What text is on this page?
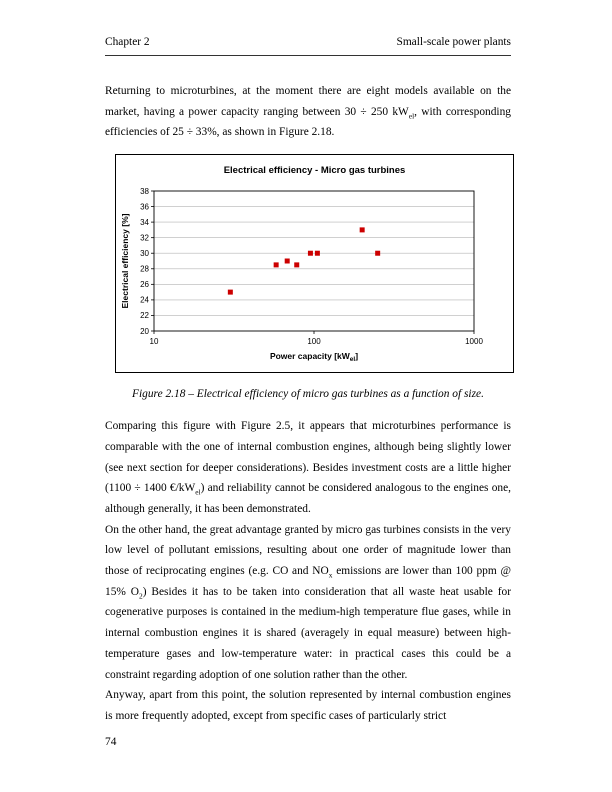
Chapter 2	Small-scale power plants

Returning to microturbines, at the moment there are eight models available on the market, having a power capacity ranging between 30 ÷ 250 $kW_{el}$, with corresponding efficiencies of 25 ÷ 33%, as shown in Figure 2.18.

Electrical efficiency - Micro gas turbines
20
22
24
26
28
30
32
34
36
38
10	100	1000
Electrical efficiency [%]
Power capacity $[kW_{el}]$

Figure 2.18 – Electrical efficiency of micro gas turbines as a function of size.

Comparing this figure with Figure 2.5, it appears that microturbines performance is comparable with the one of internal combustion engines, although being slightly lower (see next section for deeper considerations). Besides investment costs are a little higher (1100 ÷ 1400 $€/kW_{el}$) and reliability cannot be considered analogous to the engines one, although generally, it has been demonstrated.

On the other hand, the great advantage granted by micro gas turbines consists in the very low level of pollutant emissions, resulting about one order of magnitude lower than those of reciprocating engines (e.g. CO and $NO_x$ emissions are lower than 100 ppm @ 15% $O_2$) Besides it has to be taken into consideration that all waste heat usable for cogenerative purposes is contained in the medium-high temperature flue gases, while in internal combustion engines it is shared (averagely in equal measure) between high-temperature gases and low-temperature water: in practical cases this could be a constraint regarding adoption of one solution rather than the other.

Anyway, apart from this point, the solution represented by internal combustion engines is more frequently adopted, except from specific cases of particularly strict

74
